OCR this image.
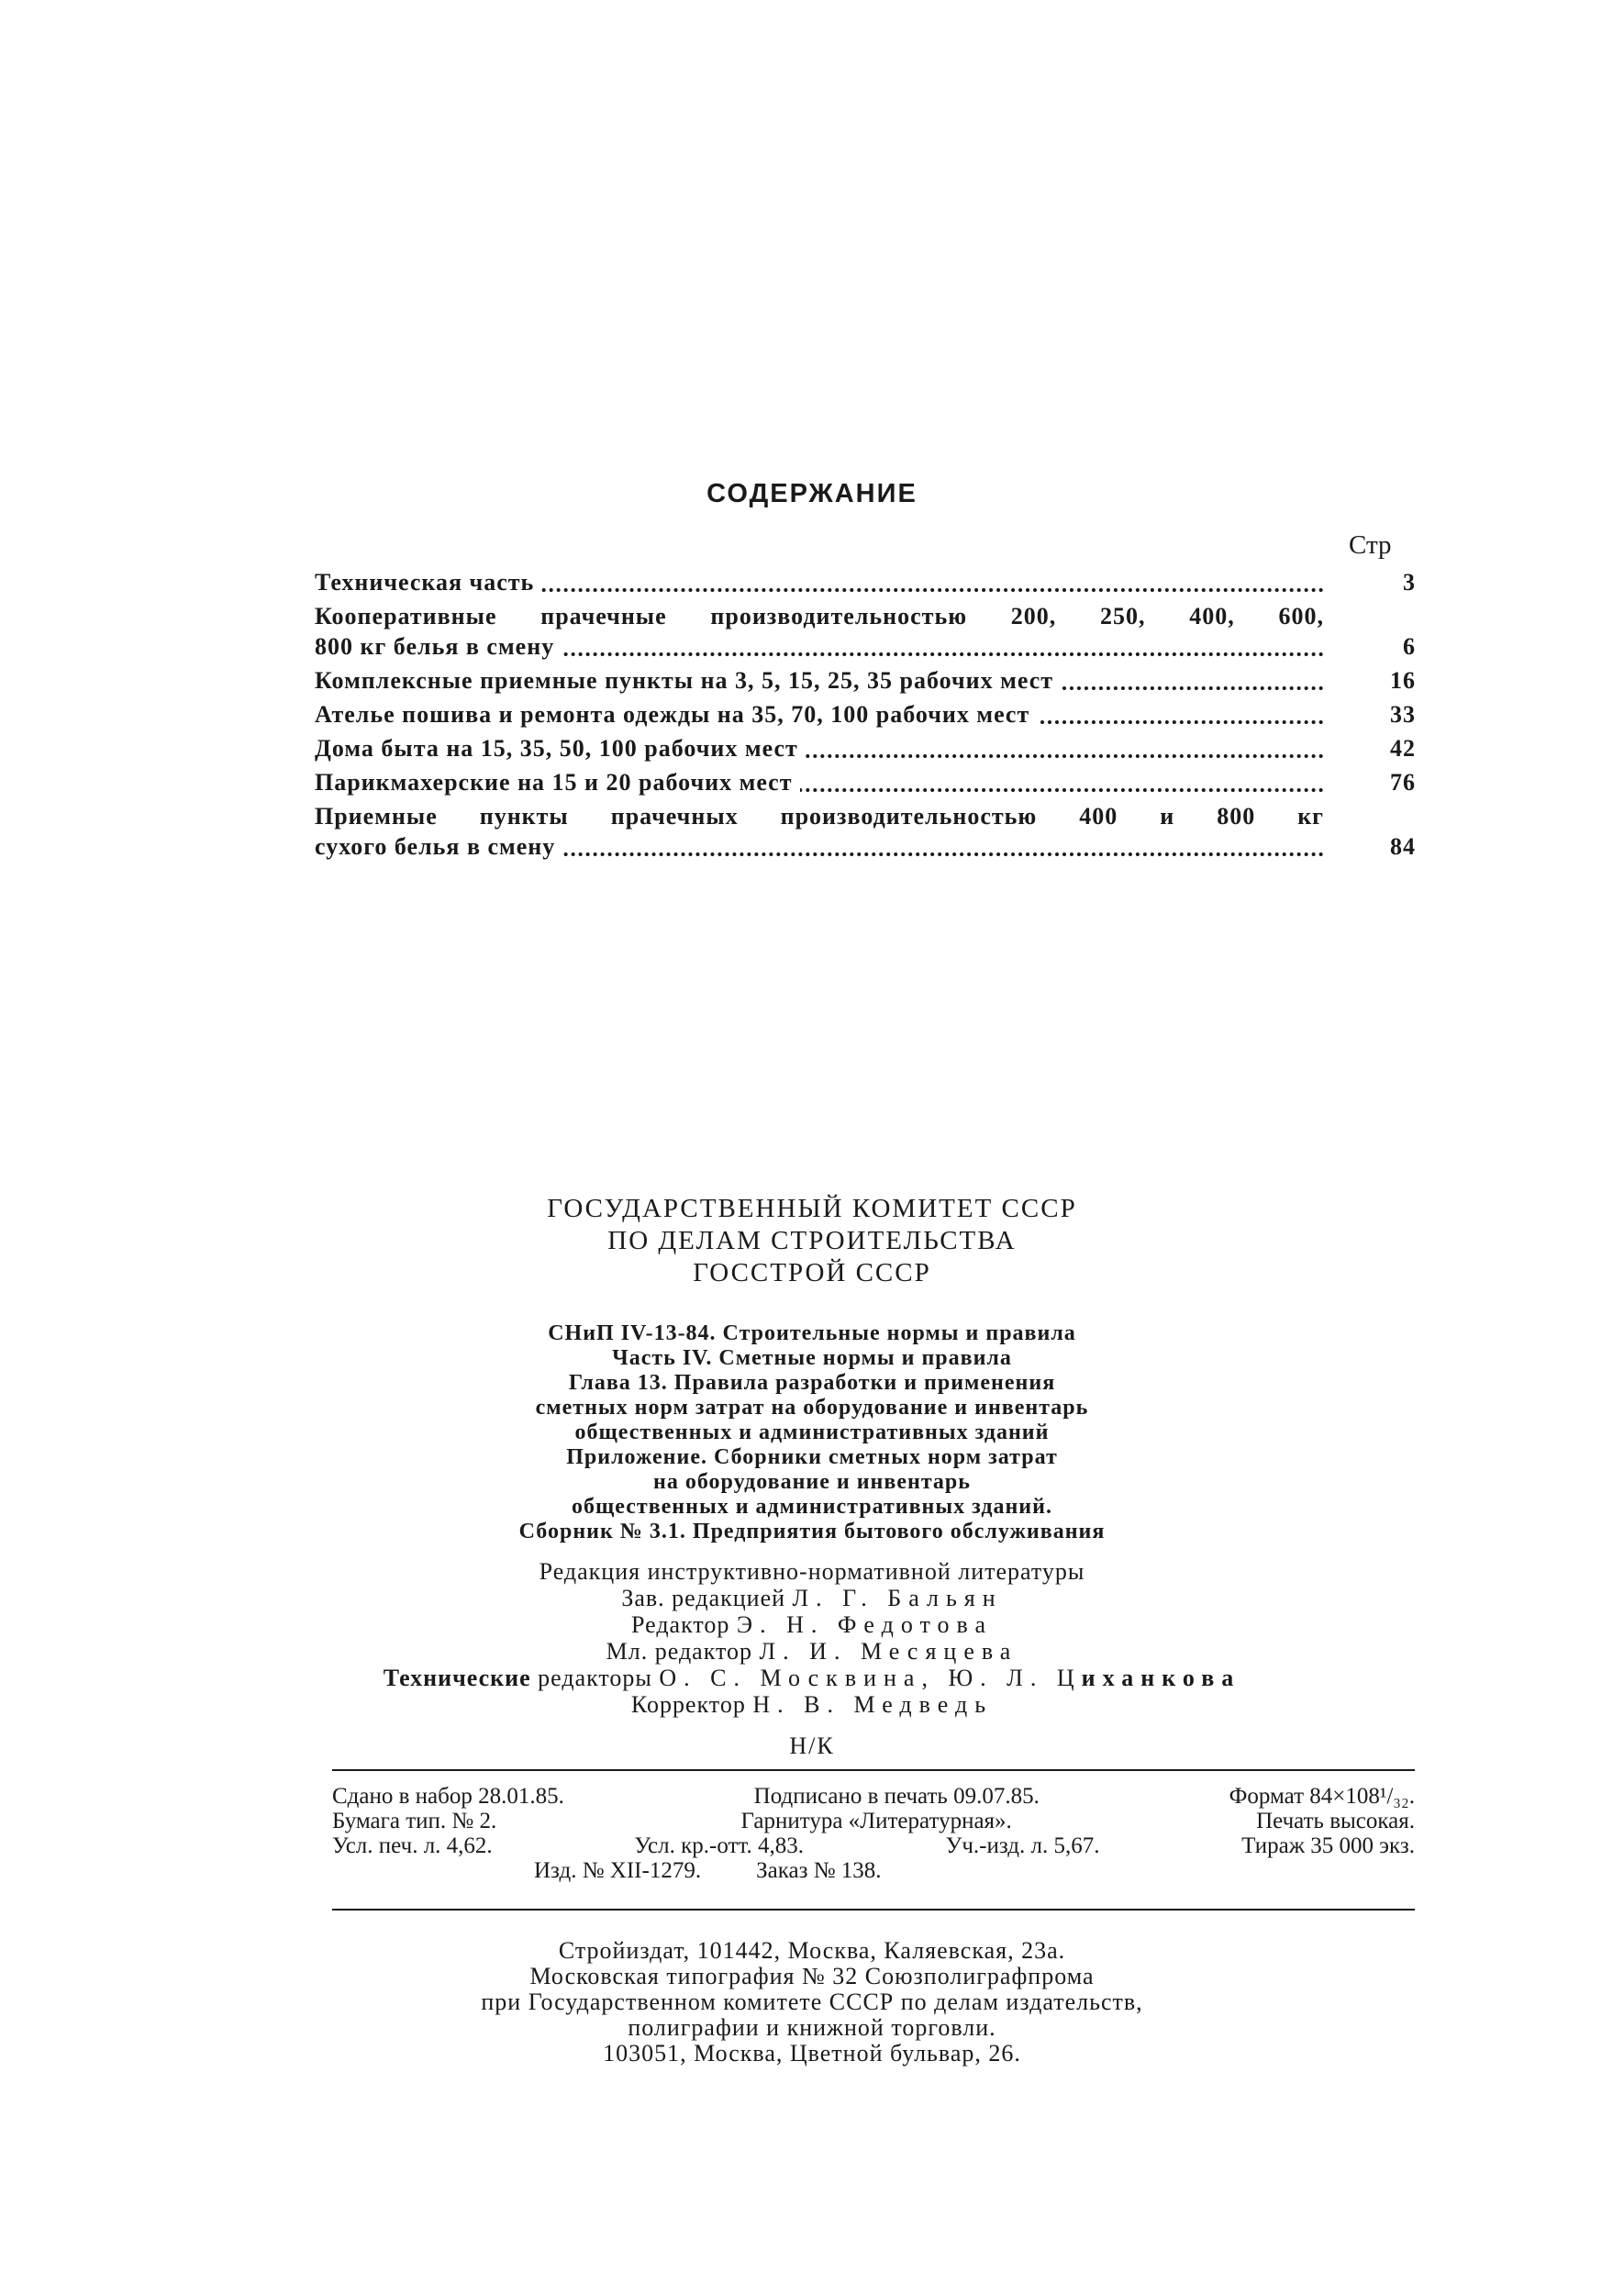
СОДЕРЖАНИЕ
Стр
Техническая часть	3
Кооперативные прачечные производительностью 200, 250, 400, 600,
800 кг белья в смену	6
Комплексные приемные пункты на 3, 5, 15, 25, 35 рабочих мест	16
Ателье пошива и ремонта одежды на 35, 70, 100 рабочих мест	33
Дома быта на 15, 35, 50, 100 рабочих мест	42
Парикмахерские на 15 и 20 рабочих мест	76
Приемные пункты прачечных производительностью 400 и 800 кг
сухого белья в смену	84
ГОСУДАРСТВЕННЫЙ КОМИТЕТ СССР
ПО ДЕЛАМ СТРОИТЕЛЬСТВА
ГОССТРОЙ СССР
СНиП IV-13-84. Строительные нормы и правила
Часть IV. Сметные нормы и правила
Глава 13. Правила разработки и применения
сметных норм затрат на оборудование и инвентарь
общественных и административных зданий
Приложение. Сборники сметных норм затрат
на оборудование и инвентарь
общественных и административных зданий.
Сборник № 3.1. Предприятия бытового обслуживания
Редакция инструктивно-нормативной литературы
Зав. редакцией Л. Г. Бальян
Редактор Э. Н. Федотова
Мл. редактор Л. И. Месяцева
Технические редакторы О. С. Москвина, Ю. Л. Циханкова
Корректор Н. В. Медведь
Н/К
Сдано в набор 28.01.85.	Подписано в печать 09.07.85.	Формат 84×108¹/₃₂.
Бумага тип. № 2.	Гарнитура «Литературная».	Печать высокая.
Усл. печ. л. 4,62.	Усл. кр.-отт. 4,83.	Уч.-изд. л. 5,67.	Тираж 35 000 экз.
Изд. № XII-1279. Заказ № 138.
Стройиздат, 101442, Москва, Каляевская, 23а.
Московская типография № 32 Союзполиграфпрома
при Государственном комитете СССР по делам издательств,
полиграфии и книжной торговли.
103051, Москва, Цветной бульвар, 26.
